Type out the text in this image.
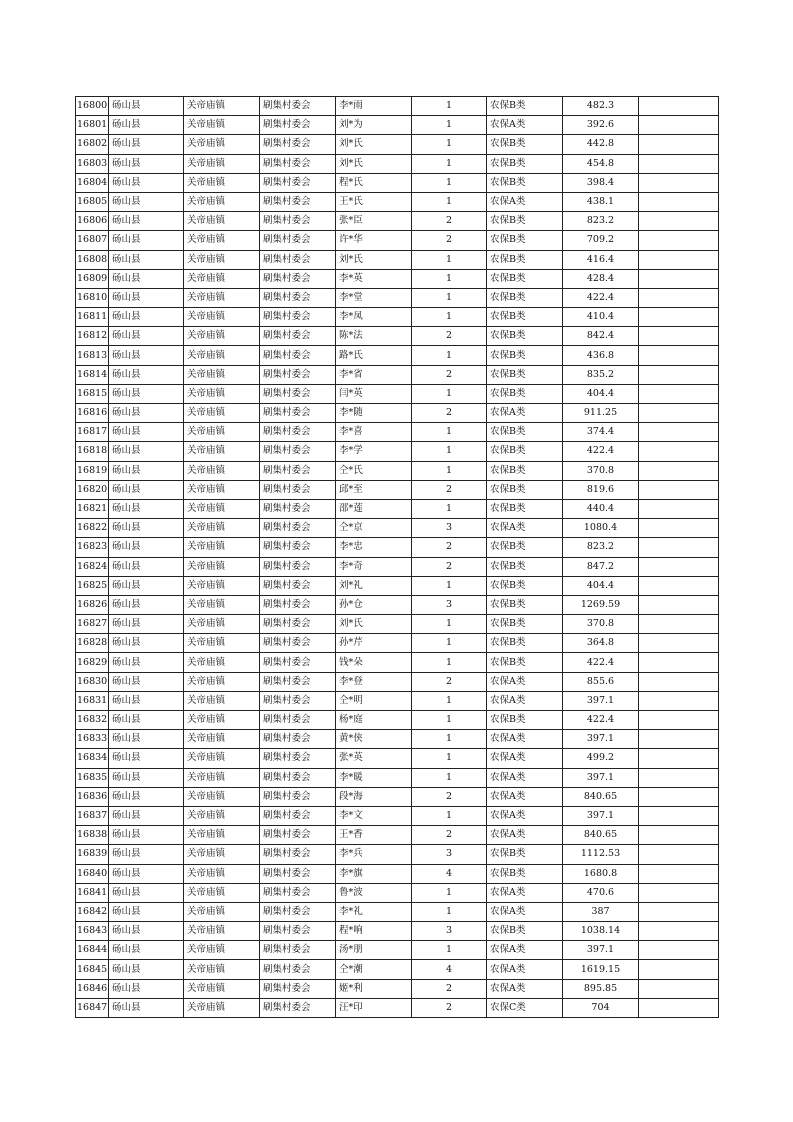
16800	砀山县	关帝庙镇	刷集村委会	李*雨	1	农保B类	482.3	
16801	砀山县	关帝庙镇	刷集村委会	刘*为	1	农保A类	392.6	
16802	砀山县	关帝庙镇	刷集村委会	刘*氏	1	农保B类	442.8	
16803	砀山县	关帝庙镇	刷集村委会	刘*氏	1	农保B类	454.8	
16804	砀山县	关帝庙镇	刷集村委会	程*氏	1	农保B类	398.4	
16805	砀山县	关帝庙镇	刷集村委会	王*氏	1	农保A类	438.1	
16806	砀山县	关帝庙镇	刷集村委会	张*臣	2	农保B类	823.2	
16807	砀山县	关帝庙镇	刷集村委会	许*华	2	农保B类	709.2	
16808	砀山县	关帝庙镇	刷集村委会	刘*氏	1	农保B类	416.4	
16809	砀山县	关帝庙镇	刷集村委会	李*英	1	农保B类	428.4	
16810	砀山县	关帝庙镇	刷集村委会	李*堂	1	农保B类	422.4	
16811	砀山县	关帝庙镇	刷集村委会	李*凤	1	农保B类	410.4	
16812	砀山县	关帝庙镇	刷集村委会	陈*法	2	农保B类	842.4	
16813	砀山县	关帝庙镇	刷集村委会	路*氏	1	农保B类	436.8	
16814	砀山县	关帝庙镇	刷集村委会	李*省	2	农保B类	835.2	
16815	砀山县	关帝庙镇	刷集村委会	闫*英	1	农保B类	404.4	
16816	砀山县	关帝庙镇	刷集村委会	李*随	2	农保A类	911.25	
16817	砀山县	关帝庙镇	刷集村委会	李*喜	1	农保B类	374.4	
16818	砀山县	关帝庙镇	刷集村委会	李*学	1	农保B类	422.4	
16819	砀山县	关帝庙镇	刷集村委会	仝*氏	1	农保B类	370.8	
16820	砀山县	关帝庙镇	刷集村委会	邱*至	2	农保B类	819.6	
16821	砀山县	关帝庙镇	刷集村委会	邵*莲	1	农保B类	440.4	
16822	砀山县	关帝庙镇	刷集村委会	仝*京	3	农保A类	1080.4	
16823	砀山县	关帝庙镇	刷集村委会	李*忠	2	农保B类	823.2	
16824	砀山县	关帝庙镇	刷集村委会	李*奇	2	农保B类	847.2	
16825	砀山县	关帝庙镇	刷集村委会	刘*礼	1	农保B类	404.4	
16826	砀山县	关帝庙镇	刷集村委会	孙*仓	3	农保B类	1269.59	
16827	砀山县	关帝庙镇	刷集村委会	刘*氏	1	农保B类	370.8	
16828	砀山县	关帝庙镇	刷集村委会	孙*芹	1	农保B类	364.8	
16829	砀山县	关帝庙镇	刷集村委会	钱*朵	1	农保B类	422.4	
16830	砀山县	关帝庙镇	刷集村委会	李*登	2	农保A类	855.6	
16831	砀山县	关帝庙镇	刷集村委会	仝*明	1	农保A类	397.1	
16832	砀山县	关帝庙镇	刷集村委会	杨*庭	1	农保B类	422.4	
16833	砀山县	关帝庙镇	刷集村委会	黄*侠	1	农保A类	397.1	
16834	砀山县	关帝庙镇	刷集村委会	张*英	1	农保A类	499.2	
16835	砀山县	关帝庙镇	刷集村委会	李*暖	1	农保A类	397.1	
16836	砀山县	关帝庙镇	刷集村委会	段*海	2	农保A类	840.65	
16837	砀山县	关帝庙镇	刷集村委会	李*文	1	农保A类	397.1	
16838	砀山县	关帝庙镇	刷集村委会	王*香	2	农保A类	840.65	
16839	砀山县	关帝庙镇	刷集村委会	李*兵	3	农保B类	1112.53	
16840	砀山县	关帝庙镇	刷集村委会	李*旗	4	农保B类	1680.8	
16841	砀山县	关帝庙镇	刷集村委会	鲁*波	1	农保A类	470.6	
16842	砀山县	关帝庙镇	刷集村委会	李*礼	1	农保A类	387	
16843	砀山县	关帝庙镇	刷集村委会	程*响	3	农保B类	1038.14	
16844	砀山县	关帝庙镇	刷集村委会	汤*朋	1	农保A类	397.1	
16845	砀山县	关帝庙镇	刷集村委会	仝*潮	4	农保A类	1619.15	
16846	砀山县	关帝庙镇	刷集村委会	姬*利	2	农保A类	895.85	
16847	砀山县	关帝庙镇	刷集村委会	汪*印	2	农保C类	704	
